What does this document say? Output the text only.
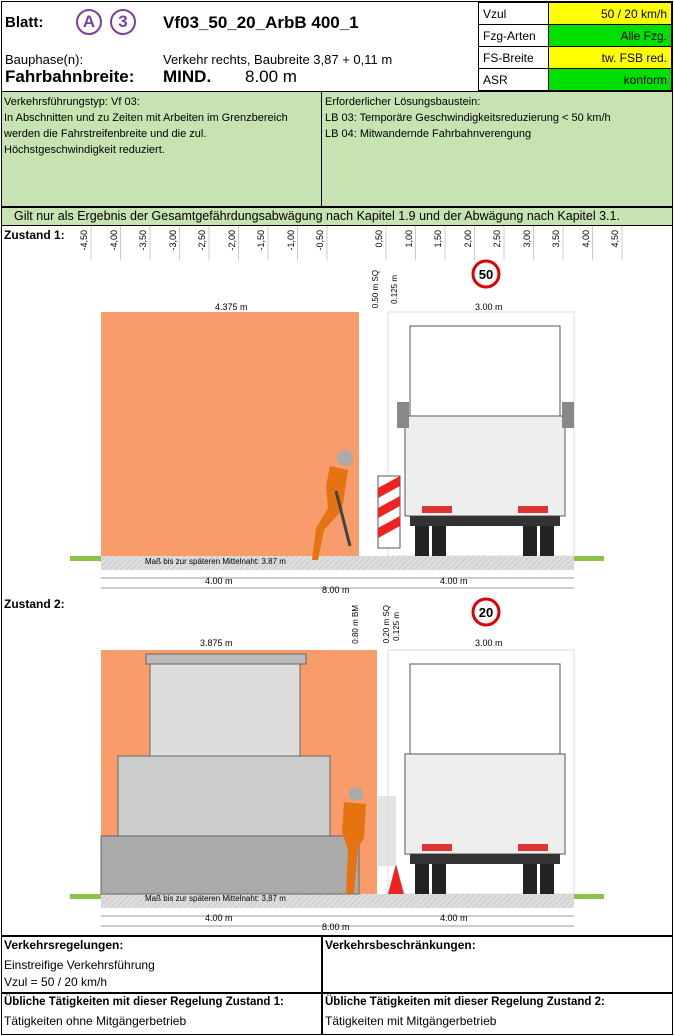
Blatt:	A	3	Vf03_50_20_ArbB 400_1
Bauphase(n):	Verkehr rechts, Baubreite 3,87 + 0,11 m
Fahrbahnbreite: MIND. 8.00 m
Vzul	50 / 20 km/h
Fzg-Arten	Alle Fzg.
FS-Breite	tw. FSB red.
ASR	konform
Verkehrsführungstyp: Vf 03:
In Abschnitten und zu Zeiten mit Arbeiten im Grenzbereich
werden die Fahrstreifenbreite und die zul.
Höchstgeschwindigkeit reduziert.
Erforderlicher Lösungsbaustein:
LB 03: Temporäre Geschwindigkeitsreduzierung < 50 km/h
LB 04: Mitwandernde Fahrbahnverengung
Gilt nur als Ergebnis der Gesamtgefährdungsabwägung nach Kapitel 1.9 und der Abwägung nach Kapitel 3.1.
Zustand 1:
Zustand 2:
50
20
-4,50 -4,00 -3,50 -3,00 -2,50 -2,00 -1,50 -1,00 -0,50	0,50 1,00 1,50 2,00 2,50 3,00 3,50 4,00 4,50
4.375 m	3.00 m
0.50 m SQ 0.125 m
Maß bis zur späteren Mittelnaht: 3.87 m
4.00 m	4.00 m
8.00 m
3.875 m	3.00 m
0.80 m BM	0.20 m SQ 0.125 m
Maß bis zur späteren Mittelnaht: 3,87 m
4.00 m	4.00 m
8.00 m
Verkehrsregelungen:
Einstreifige Verkehrsführung
Vzul = 50 / 20 km/h
Verkehrsbeschränkungen:
Übliche Tätigkeiten mit dieser Regelung Zustand 1:
Tätigkeiten ohne Mitgängerbetrieb
Übliche Tätigkeiten mit dieser Regelung Zustand 2:
Tätigkeiten mit Mitgängerbetrieb
